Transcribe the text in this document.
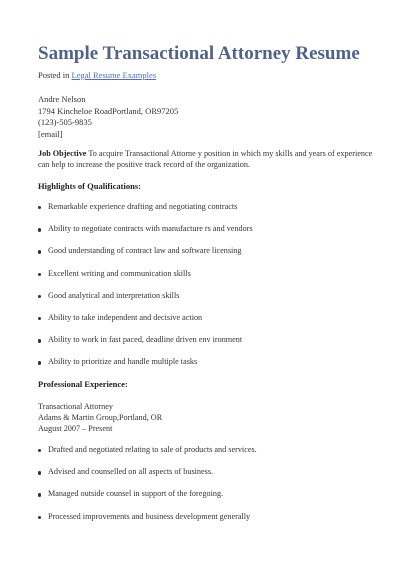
Sample Transactional Attorney Resume
Posted in Legal Resume Examples
Andre Nelson
1794 Kincheloe RoadPortland, OR97205
(123)-505-9835
[email]
Job Objective To acquire Transactional Attorne y position in which my skills and years of experience can help to increase the positive track record of the organization.
Highlights of Qualifications:
Remarkable experience drafting and negotiating contracts
Ability to negotiate contracts with manufacture rs and vendors
Good understanding of contract law and software licensing
Excellent writing and communication skills
Good analytical and interpretation skills
Ability to take independent and decisive action
Ability to work in fast paced, deadline driven env ironment
Ability to prioritize and handle multiple tasks
Professional Experience:
Transactional Attorney
Adams & Martin Group,Portland, OR
August 2007 – Present
Drafted and negotiated relating to sale of products and services.
Advised and counselled on all aspects of business.
Managed outside counsel in support of the foregoing.
Processed improvements and business development generally
